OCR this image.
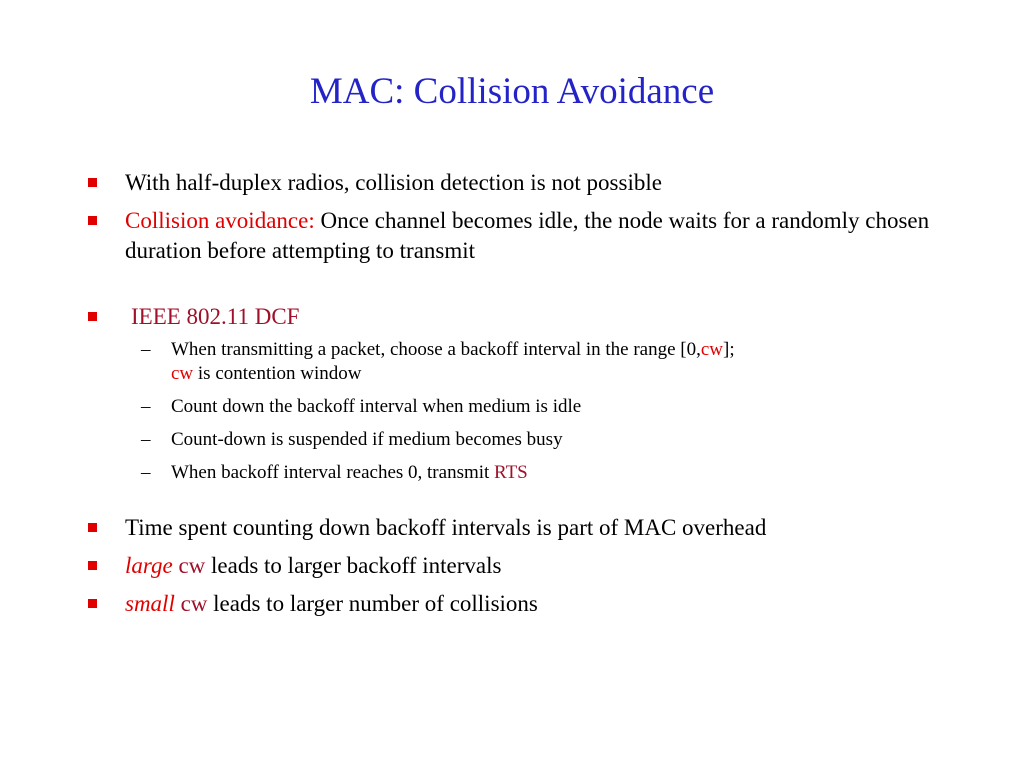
MAC: Collision Avoidance
With half-duplex radios, collision detection is not possible
Collision avoidance: Once channel becomes idle, the node waits for a randomly chosen duration before attempting to transmit
IEEE 802.11 DCF
– When transmitting a packet, choose a backoff interval in the range [0,cw];
cw is contention window
– Count down the backoff interval when medium is idle
– Count-down is suspended if medium becomes busy
– When backoff interval reaches 0, transmit RTS
Time spent counting down backoff intervals is part of MAC overhead
large cw leads to larger backoff intervals
small cw leads to larger number of collisions
